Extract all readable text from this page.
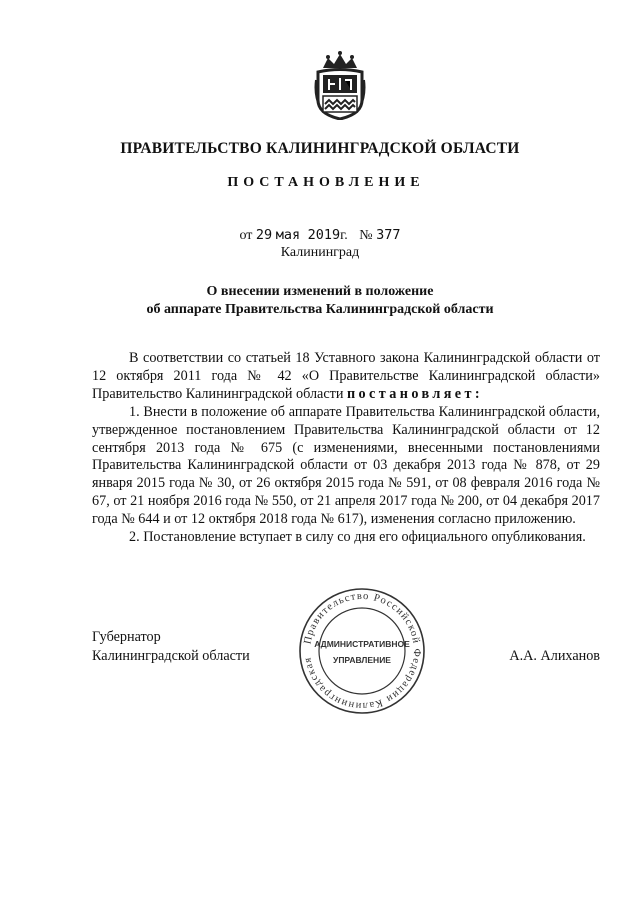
ПРАВИТЕЛЬСТВО КАЛИНИНГРАДСКОЙ ОБЛАСТИ
ПОСТАНОВЛЕНИЕ
от 29 мая 2019г. № 377
Калининград
О внесении изменений в положение
об аппарате Правительства Калининградской области

В соответствии со статьей 18 Уставного закона Калининградской области от 12 октября 2011 года № 42 «О Правительстве Калининградской области» Правительство Калининградской области постановляет:

1. Внести в положение об аппарате Правительства Калининградской области, утвержденное постановлением Правительства Калининградской области от 12 сентября 2013 года № 675 (с изменениями, внесенными постановлениями Правительства Калининградской области от 03 декабря 2013 года № 878, от 29 января 2015 года № 30, от 26 октября 2015 года № 591, от 08 февраля 2016 года № 67, от 21 ноября 2016 года № 550, от 21 апреля 2017 года № 200, от 04 декабря 2017 года № 644 и от 12 октября 2018 года № 617), изменения согласно приложению.

2. Постановление вступает в силу со дня его официального опубликования.

Губернатор
Калининградской области	А.А. Алиханов
Правительство Российской Федерации Калининградская
АДМИНИСТРАТИВНОЕ
УПРАВЛЕНИЕ
